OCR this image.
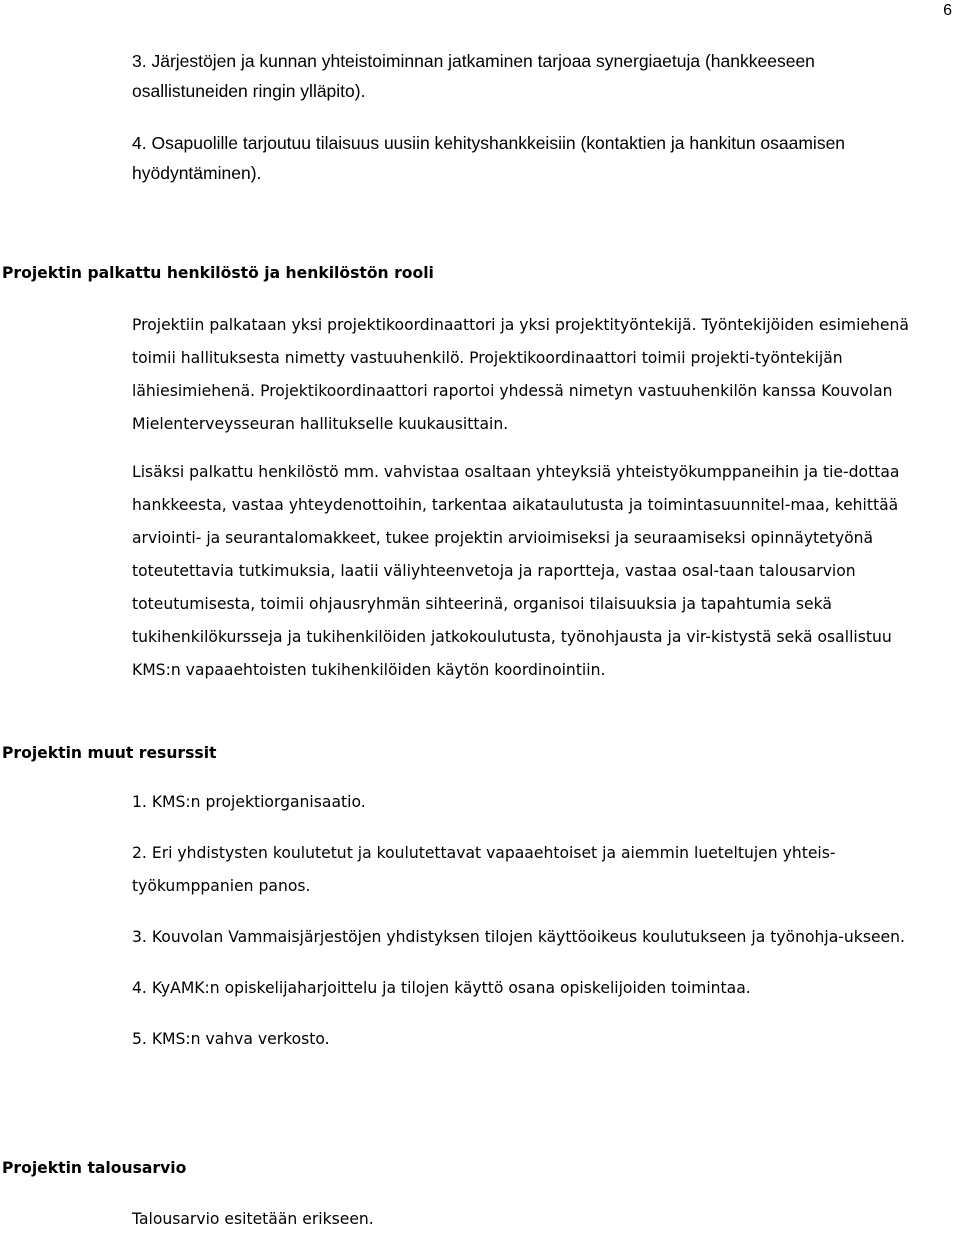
6

3. Järjestöjen ja kunnan yhteistoiminnan jatkaminen tarjoaa synergiaetuja (hankkeeseen osallistuneiden ringin ylläpito).

4. Osapuolille tarjoutuu tilaisuus uusiin kehityshankkeisiin (kontaktien ja hankitun osaamisen hyödyntäminen).

Projektin palkattu henkilöstö ja henkilöstön rooli

Projektiin palkataan yksi projektikoordinaattori ja yksi projektityöntekijä. Työntekijöiden esimiehenä toimii hallituksesta nimetty vastuuhenkilö. Projektikoordinaattori toimii projekti-työntekijän lähiesimiehenä. Projektikoordinaattori raportoi yhdessä nimetyn vastuuhenkilön kanssa Kouvolan Mielenterveysseuran hallitukselle kuukausittain.

Lisäksi palkattu henkilöstö mm. vahvistaa osaltaan yhteyksiä yhteistyökumppaneihin ja tie-dottaa hankkeesta, vastaa yhteydenottoihin, tarkentaa aikataulutusta ja toimintasuunnitel-maa, kehittää arviointi- ja seurantalomakkeet, tukee projektin arvioimiseksi ja seuraamiseksi opinnäytetyönä toteutettavia tutkimuksia, laatii väliyhteenvetoja ja raportteja, vastaa osal-taan talousarvion toteutumisesta, toimii ohjausryhmän sihteerinä, organisoi tilaisuuksia ja tapahtumia sekä tukihenkilökursseja ja tukihenkilöiden jatkokoulutusta, työnohjausta ja vir-kistystä sekä osallistuu KMS:n vapaaehtoisten tukihenkilöiden käytön koordinointiin.

Projektin muut resurssit

1. KMS:n projektiorganisaatio.

2. Eri yhdistysten koulutetut ja koulutettavat vapaaehtoiset ja aiemmin lueteltujen yhteis-työkumppanien panos.

3. Kouvolan Vammaisjärjestöjen yhdistyksen tilojen käyttöoikeus koulutukseen ja työnohja-ukseen.

4. KyAMK:n opiskelijaharjoittelu ja tilojen käyttö osana opiskelijoiden toimintaa.

5. KMS:n vahva verkosto.

Projektin talousarvio

Talousarvio esitetään erikseen.
